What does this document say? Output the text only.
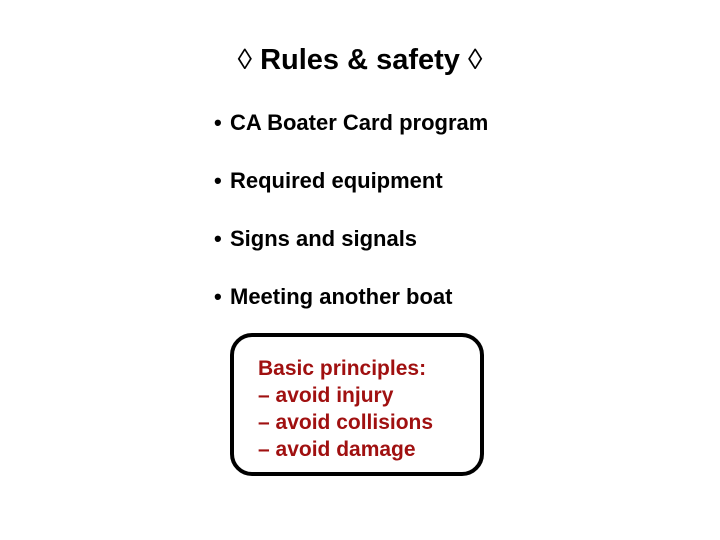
◊ Rules & safety ◊
• CA Boater Card program
• Required equipment
• Signs and signals
• Meeting another boat
Basic principles:
– avoid injury
– avoid collisions
– avoid damage
